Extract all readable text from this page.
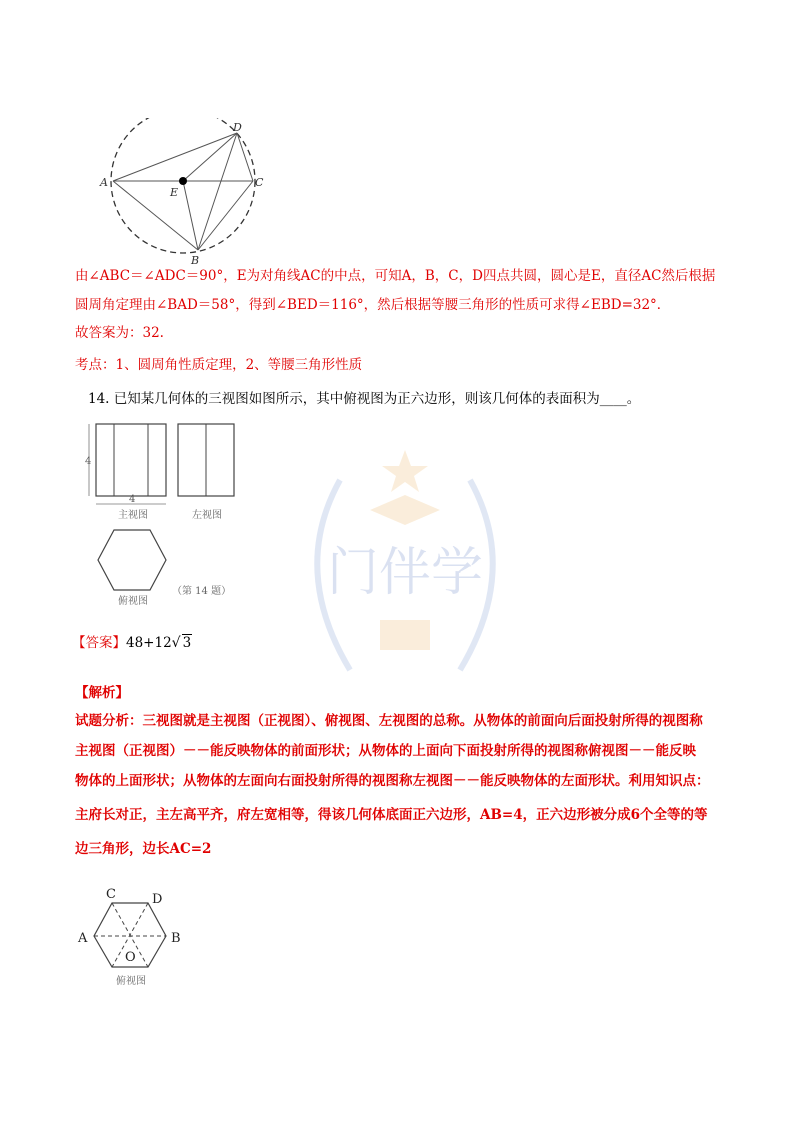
门伴学
A	C
D
B
E
由∠ABC＝∠ADC＝90°，E为对角线AC的中点，可知A，B，C，D四点共圆，圆心是E，直径AC然后根据
圆周角定理由∠BAD＝58°，得到∠BED＝116°，然后根据等腰三角形的性质可求得∠EBD=32°．
故答案为：32.
考点：1、圆周角性质定理，2、等腰三角形性质
14. 已知某几何体的三视图如图所示，其中俯视图为正六边形，则该几何体的表面积为____。
4
4
主视图	左视图
俯视图
（第 14 题）
【答案】48+12√ 3
【解析】
试题分析：三视图就是主视图（正视图）、俯视图、左视图的总称。从物体的前面向后面投射所得的视图称
主视图（正视图）－－能反映物体的前面形状；从物体的上面向下面投射所得的视图称俯视图－－能反映
物体的上面形状；从物体的左面向右面投射所得的视图称左视图－－能反映物体的左面形状。利用知识点：
主府长对正，主左高平齐，府左宽相等，得该几何体底面正六边形，AB=4，正六边形被分成6个全等的等
边三角形，边长AC=2
A	B
C	D
O
俯视图
